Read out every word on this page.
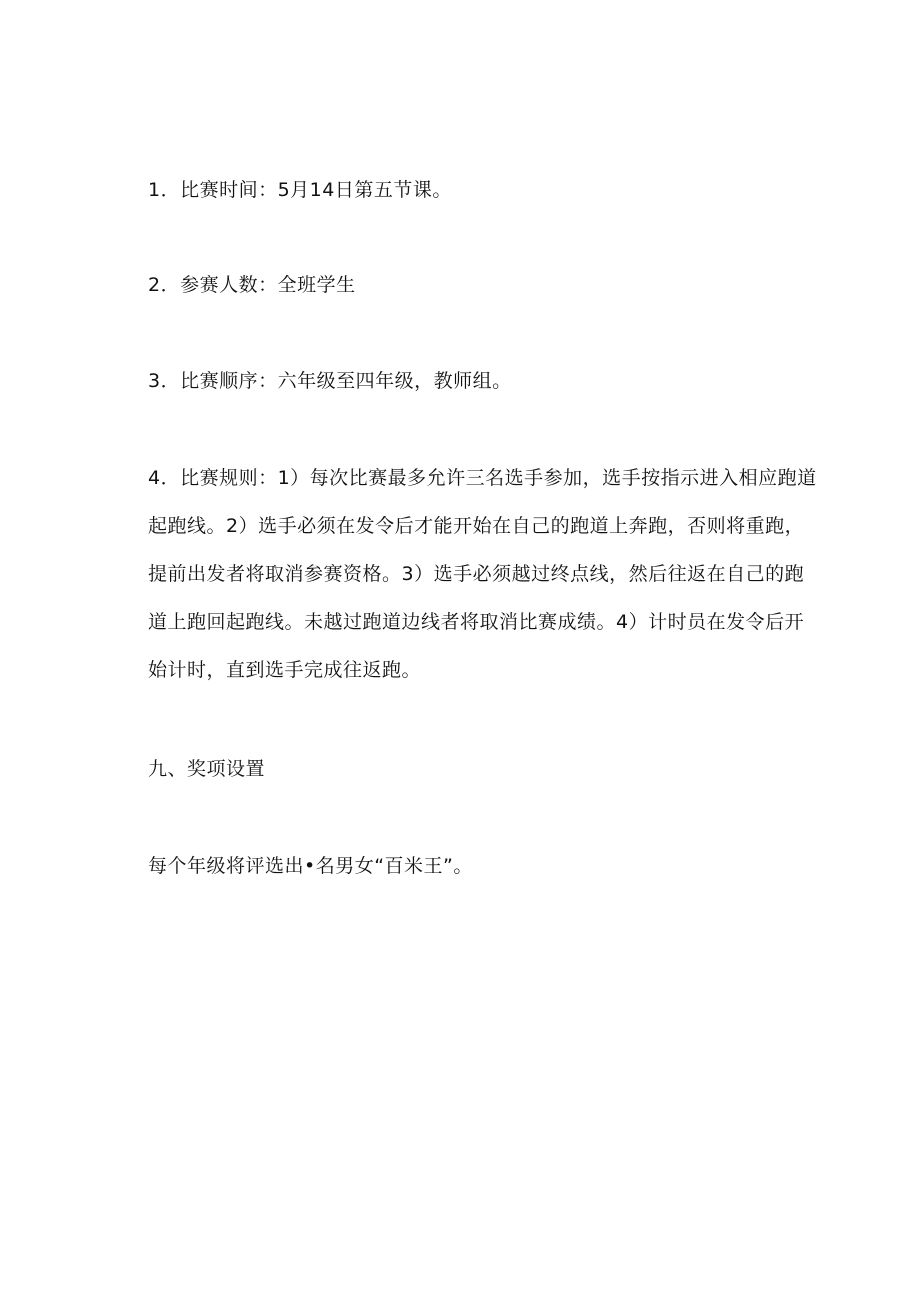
1．比赛时间：5月14日第五节课。

2．参赛人数：全班学生

3．比赛顺序：六年级至四年级，教师组。

4．比赛规则：1）每次比赛最多允许三名选手参加，选手按指示进入相应跑道起跑线。2）选手必须在发令后才能开始在自己的跑道上奔跑，否则将重跑，提前出发者将取消参赛资格。3）选手必须越过终点线，然后往返在自己的跑道上跑回起跑线。未越过跑道边线者将取消比赛成绩。4）计时员在发令后开始计时，直到选手完成往返跑。

九、奖项设置

每个年级将评选出•名男女“百米王”。
